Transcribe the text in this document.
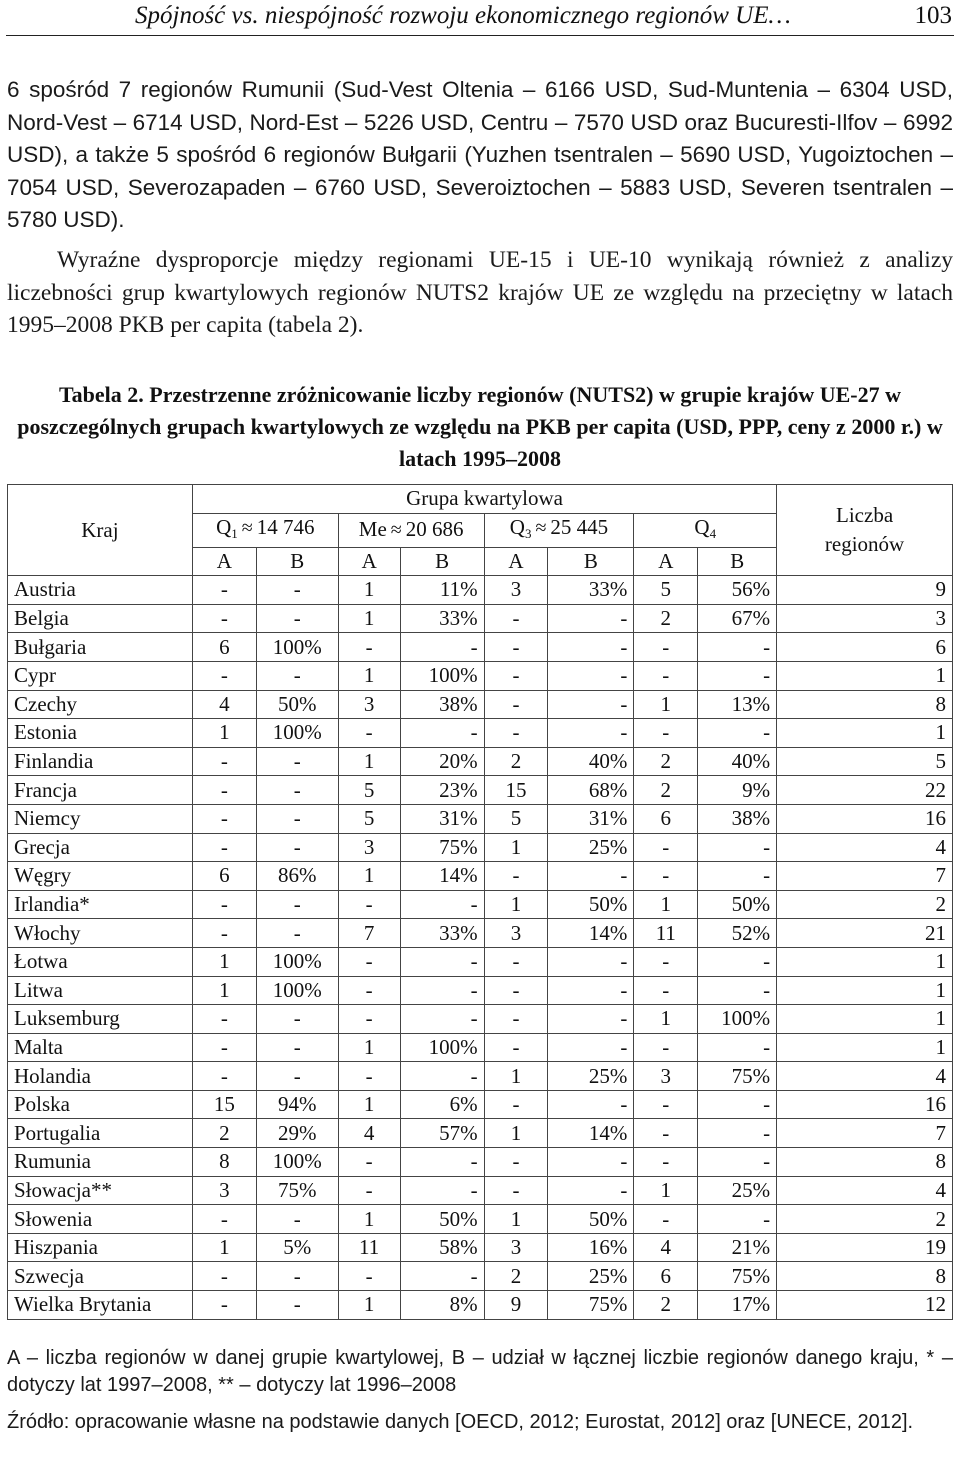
Spójność vs. niespójność rozwoju ekonomicznego regionów UE…	103
6 spośród 7 regionów Rumunii (Sud-Vest Oltenia – 6166 USD, Sud-Muntenia – 6304 USD, Nord-Vest – 6714 USD, Nord-Est – 5226 USD, Centru – 7570 USD oraz Bucuresti-Ilfov – 6992 USD), a także 5 spośród 6 regionów Bułgarii (Yuzhen tsentralen – 5690 USD, Yugoiztochen – 7054 USD, Severozapaden – 6760 USD, Severoiztochen – 5883 USD, Severen tsentralen – 5780 USD).
Wyraźne dysproporcje między regionami UE-15 i UE-10 wynikają również z analizy liczebności grup kwartylowych regionów NUTS2 krajów UE ze względu na przeciętny w latach 1995–2008 PKB per capita (tabela 2).
Tabela 2. Przestrzenne zróżnicowanie liczby regionów (NUTS2) w grupie krajów UE-27 w poszczególnych grupach kwartylowych ze względu na PKB per capita (USD, PPP, ceny z 2000 r.) w latach 1995–2008
Kraj	Grupa kwartylowa								Liczba regionów
	$Q_1 \approx 14$ 746		Me ≈ 20 686		$Q_3 \approx 25$ 445		$Q_4$
	A	B	A	B	A	B	A	B	
Austria	-	-	1	11%	3	33%	5	56%	9
Belgia	-	-	1	33%	-	-	2	67%	3
Bułgaria	6	100%	-	-	-	-	-	-	6
Cypr	-	-	1	100%	-	-	-	-	1
Czechy	4	50%	3	38%	-	-	1	13%	8
Estonia	1	100%	-	-	-	-	-	-	1
Finlandia	-	-	1	20%	2	40%	2	40%	5
Francja	-	-	5	23%	15	68%	2	9%	22
Niemcy	-	-	5	31%	5	31%	6	38%	16
Grecja	-	-	3	75%	1	25%	-	-	4
Węgry	6	86%	1	14%	-	-	-	-	7
Irlandia*	-	-	-	-	1	50%	1	50%	2
Włochy	-	-	7	33%	3	14%	11	52%	21
Łotwa	1	100%	-	-	-	-	-	-	1
Litwa	1	100%	-	-	-	-	-	-	1
Luksemburg	-	-	-	-	-	-	1	100%	1
Malta	-	-	1	100%	-	-	-	-	1
Holandia	-	-	-	-	1	25%	3	75%	4
Polska	15	94%	1	6%	-	-	-	-	16
Portugalia	2	29%	4	57%	1	14%	-	-	7
Rumunia	8	100%	-	-	-	-	-	-	8
Słowacja**	3	75%	-	-	-	-	1	25%	4
Słowenia	-	-	1	50%	1	50%	-	-	2
Hiszpania	1	5%	11	58%	3	16%	4	21%	19
Szwecja	-	-	-	-	2	25%	6	75%	8
Wielka Brytania	-	-	1	8%	9	75%	2	17%	12
A – liczba regionów w danej grupie kwartylowej, B – udział w łącznej liczbie regionów danego kraju, * – dotyczy lat 1997–2008, ** – dotyczy lat 1996–2008
Źródło: opracowanie własne na podstawie danych [OECD, 2012; Eurostat, 2012] oraz [UNECE, 2012].
